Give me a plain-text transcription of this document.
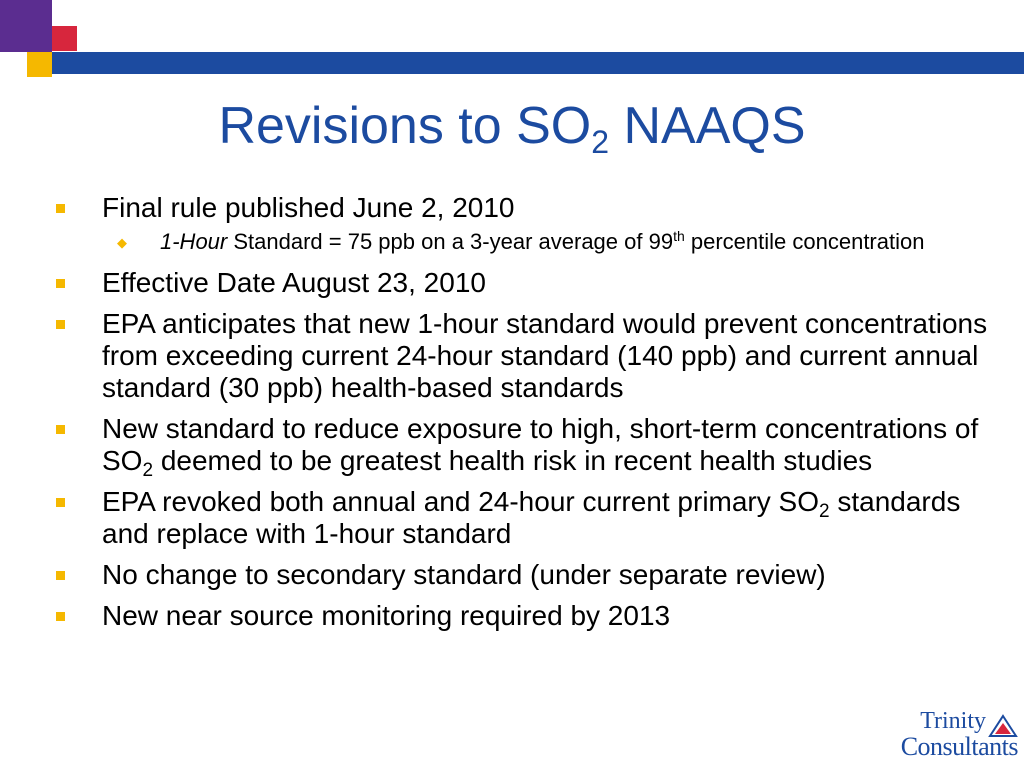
Revisions to $SO_2$ NAAQS
Final rule published June 2, 2010
◆ 1-Hour Standard = 75 ppb on a 3-year average of 99th percentile concentration
Effective Date August 23, 2010
EPA anticipates that new 1-hour standard would prevent concentrations from exceeding current 24-hour standard (140 ppb) and current annual standard (30 ppb) health-based standards
New standard to reduce exposure to high, short-term concentrations of $SO_2$ deemed to be greatest health risk in recent health studies
EPA revoked both annual and 24-hour current primary $SO_2$ standards and replace with 1-hour standard
No change to secondary standard (under separate review)
New near source monitoring required by 2013
Trinity
Consultants
